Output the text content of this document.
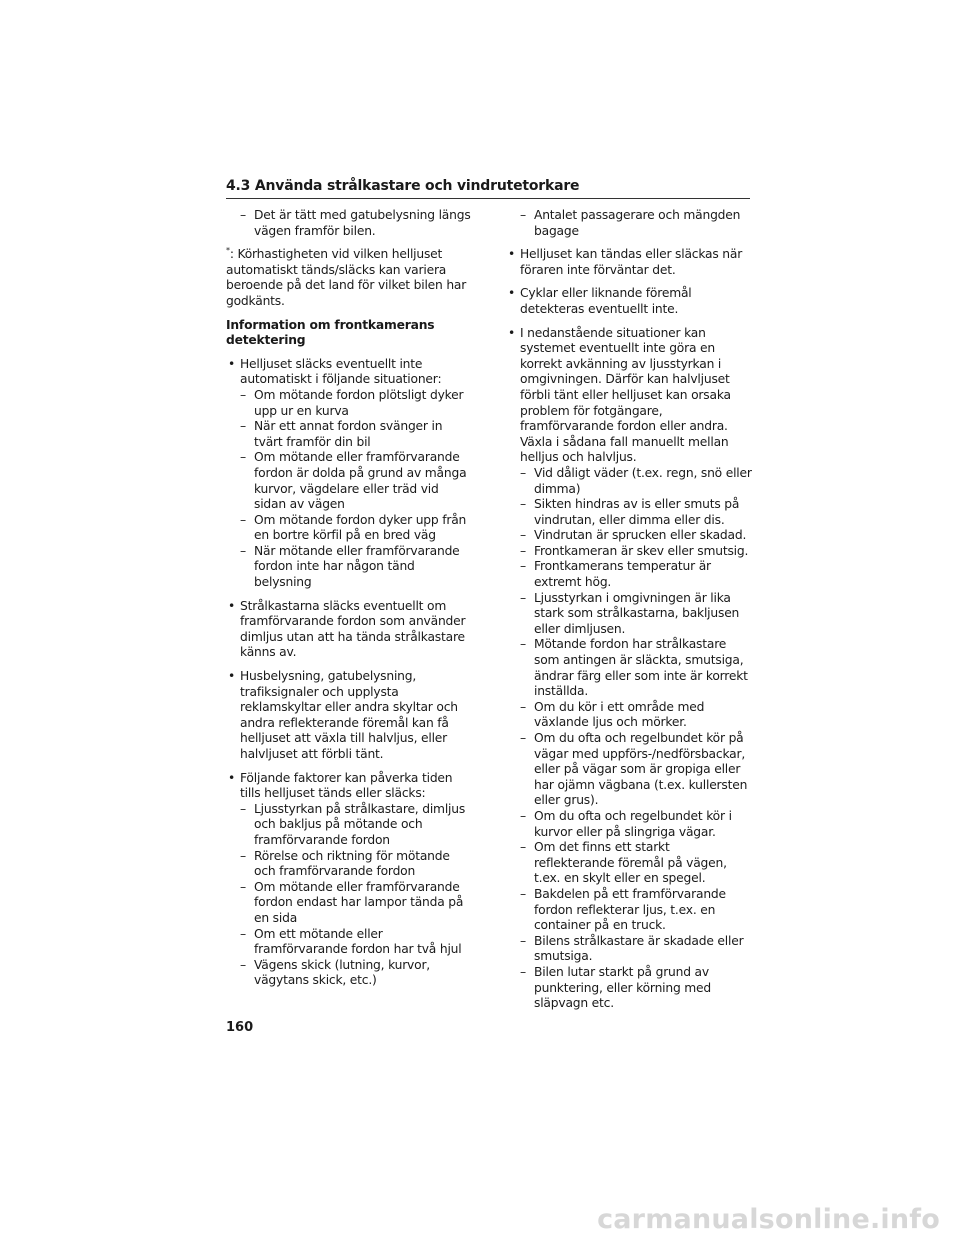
4.3 Använda strålkastare och vindrutetorkare
– Det är tätt med gatubelysning längs vägen framför bilen.

*: Körhastigheten vid vilken helljuset automatiskt tänds/släcks kan variera beroende på det land för vilket bilen har godkänts.

Information om frontkamerans detektering

• Helljuset släcks eventuellt inte automatiskt i följande situationer:
– Om mötande fordon plötsligt dyker upp ur en kurva
– När ett annat fordon svänger in tvärt framför din bil
– Om mötande eller framförvarande fordon är dolda på grund av många kurvor, vägdelare eller träd vid sidan av vägen
– Om mötande fordon dyker upp från en bortre körfil på en bred väg
– När mötande eller framförvarande fordon inte har någon tänd belysning
• Strålkastarna släcks eventuellt om framförvarande fordon som använder dimljus utan att ha tända strålkastare känns av.
• Husbelysning, gatubelysning, trafiksignaler och upplysta reklamskyltar eller andra skyltar och andra reflekterande föremål kan få helljuset att växla till halvljus, eller halvljuset att förbli tänt.
• Följande faktorer kan påverka tiden tills helljuset tänds eller släcks:
– Ljusstyrkan på strålkastare, dimljus och bakljus på mötande och framförvarande fordon
– Rörelse och riktning för mötande och framförvarande fordon
– Om mötande eller framförvarande fordon endast har lampor tända på en sida
– Om ett mötande eller framförvarande fordon har två hjul
– Vägens skick (lutning, kurvor, vägytans skick, etc.)
– Antalet passagerare och mängden bagage
• Helljuset kan tändas eller släckas när föraren inte förväntar det.
• Cyklar eller liknande föremål detekteras eventuellt inte.
• I nedanstående situationer kan systemet eventuellt inte göra en korrekt avkänning av ljusstyrkan i omgivningen. Därför kan halvljuset förbli tänt eller helljuset kan orsaka problem för fotgängare, framförvarande fordon eller andra. Växla i sådana fall manuellt mellan helljus och halvljus.
– Vid dåligt väder (t.ex. regn, snö eller dimma)
– Sikten hindras av is eller smuts på vindrutan, eller dimma eller dis.
– Vindrutan är sprucken eller skadad.
– Frontkameran är skev eller smutsig.
– Frontkamerans temperatur är extremt hög.
– Ljusstyrkan i omgivningen är lika stark som strålkastarna, bakljusen eller dimljusen.
– Mötande fordon har strålkastare som antingen är släckta, smutsiga, ändrar färg eller som inte är korrekt inställda.
– Om du kör i ett område med växlande ljus och mörker.
– Om du ofta och regelbundet kör på vägar med uppförs-/nedförsbackar, eller på vägar som är gropiga eller har ojämn vägbana (t.ex. kullersten eller grus).
– Om du ofta och regelbundet kör i kurvor eller på slingriga vägar.
– Om det finns ett starkt reflekterande föremål på vägen, t.ex. en skylt eller en spegel.
– Bakdelen på ett framförvarande fordon reflekterar ljus, t.ex. en container på en truck.
– Bilens strålkastare är skadade eller smutsiga.
– Bilen lutar starkt på grund av punktering, eller körning med släpvagn etc.
160
carmanualsonline.info
